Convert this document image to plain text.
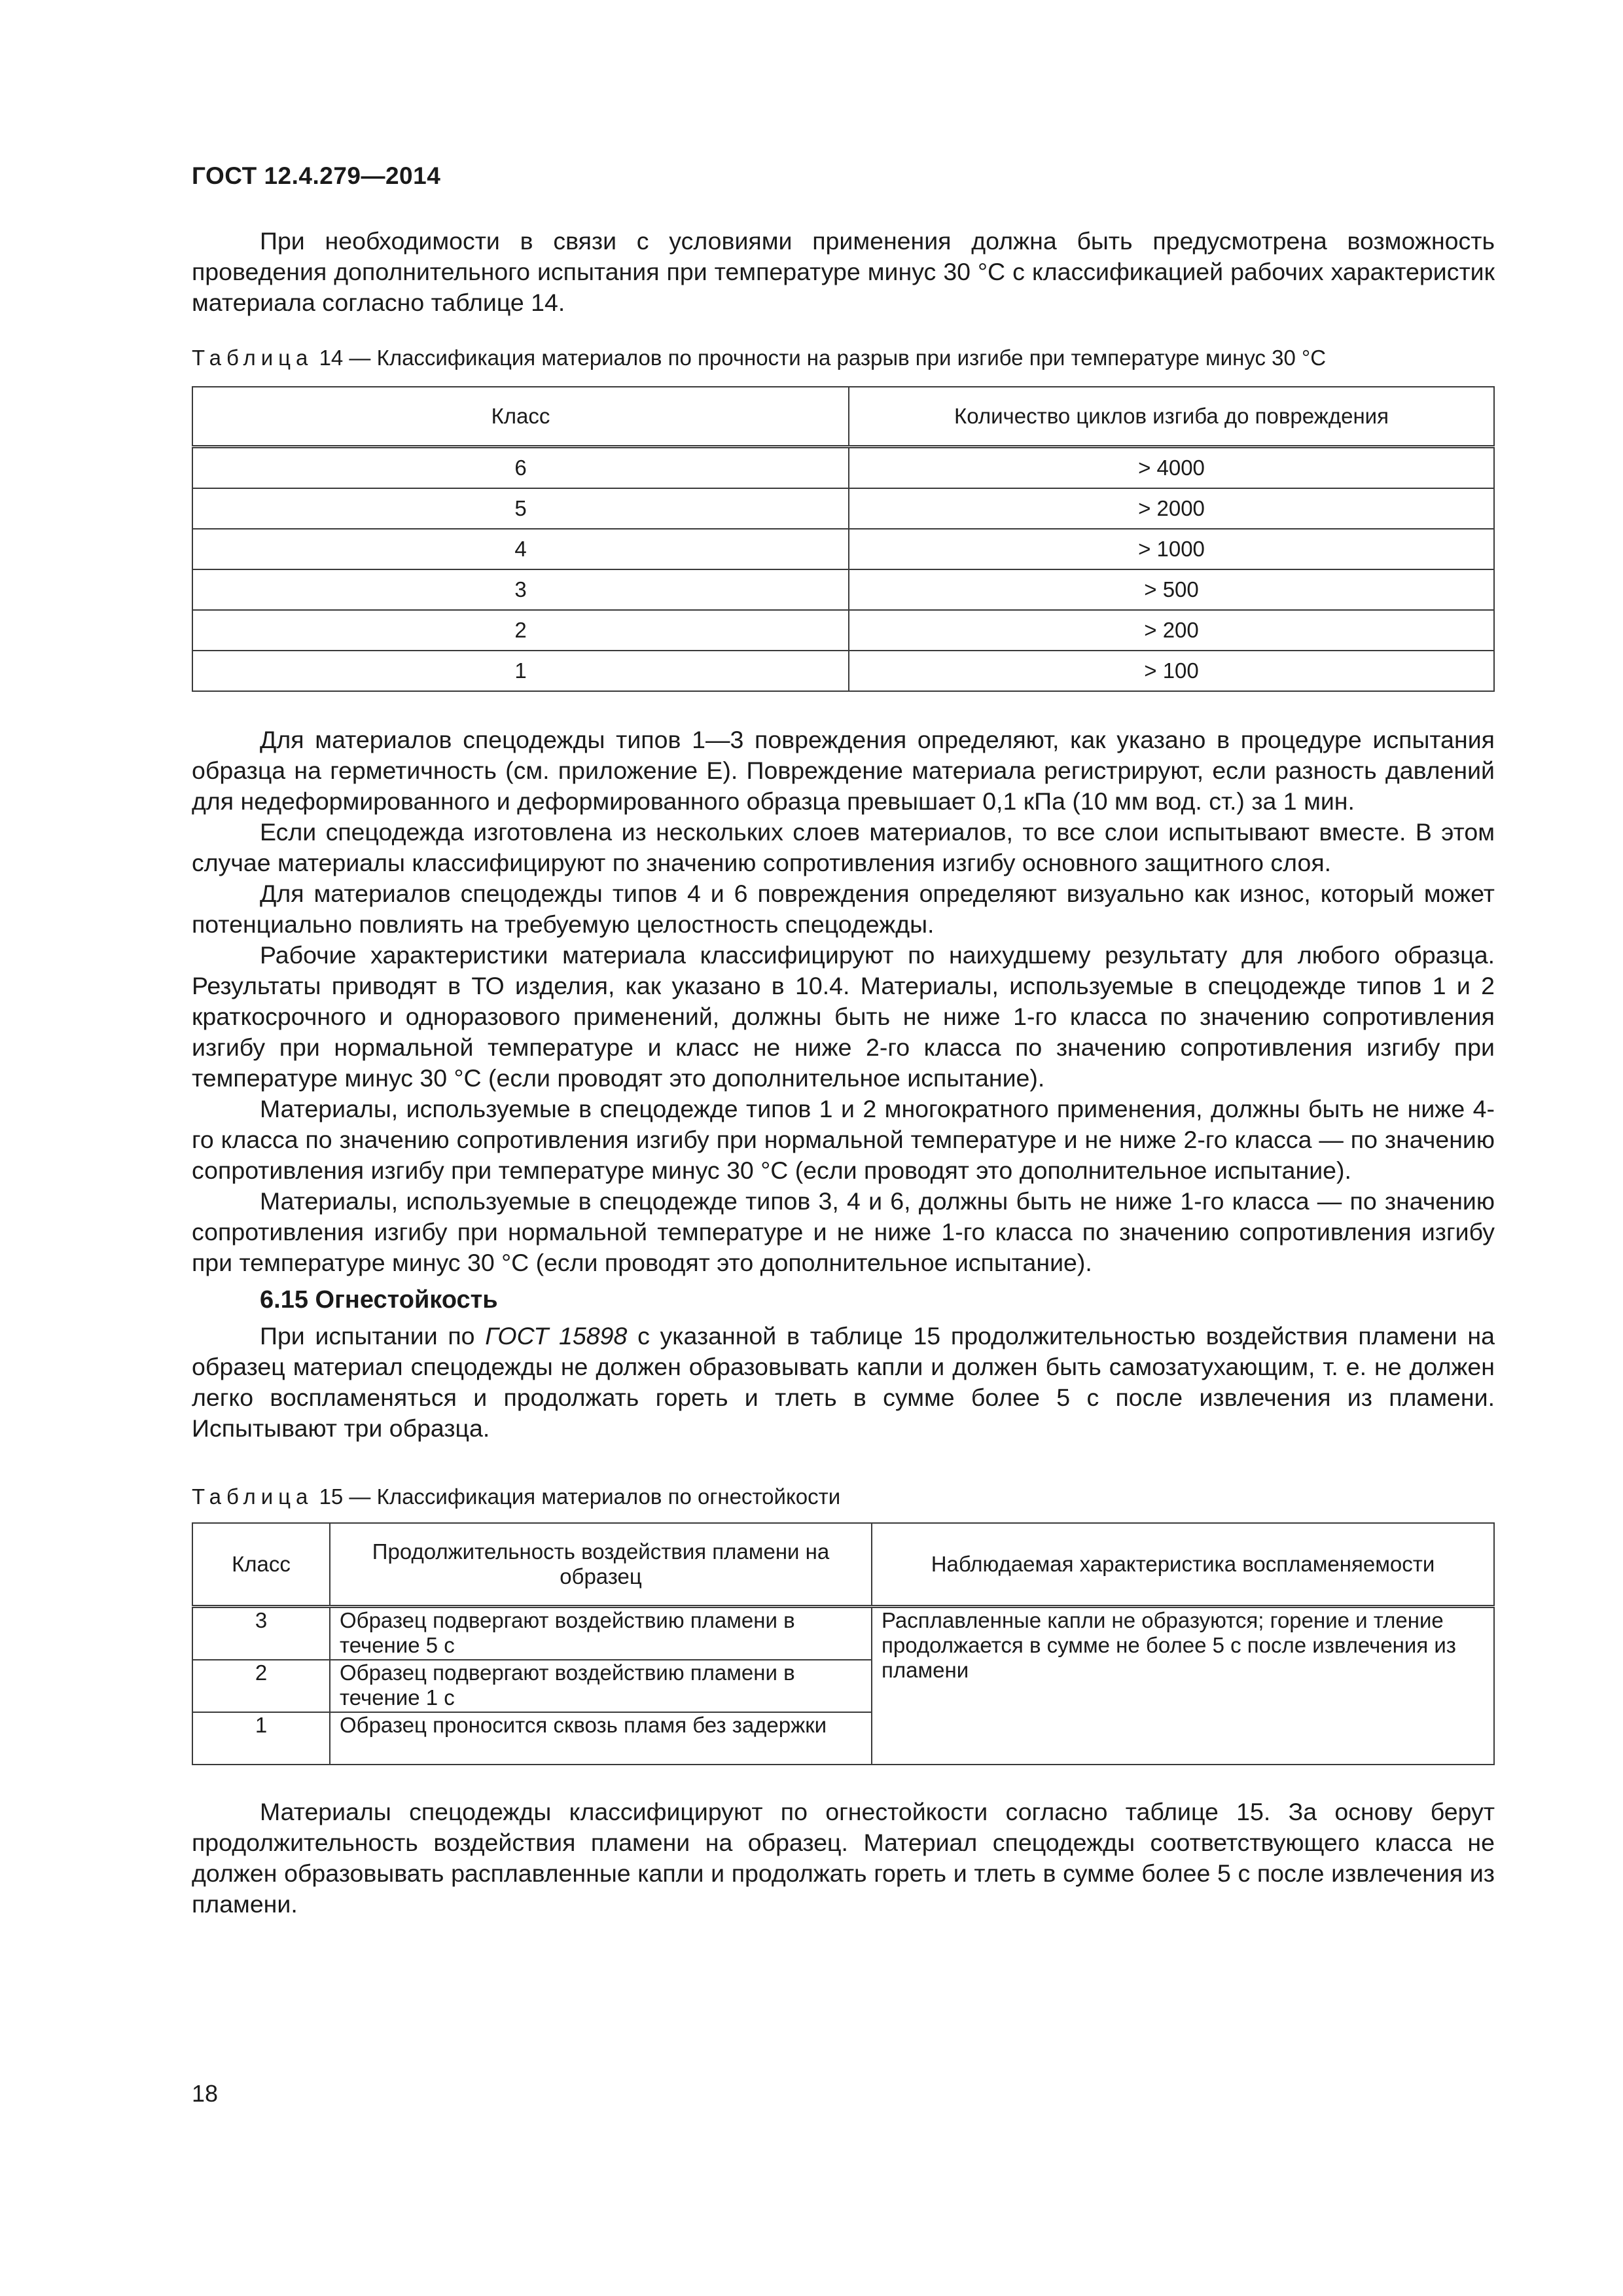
ГОСТ 12.4.279—2014

При необходимости в связи с условиями применения должна быть предусмотрена возможность проведения дополнительного испытания при температуре минус 30 °С с классификацией рабочих характеристик материала согласно таблице 14.

Таблица 14 — Классификация материалов по прочности на разрыв при изгибе при температуре минус 30 °С

Класс	Количество циклов изгиба до повреждения
6	> 4000
5	> 2000
4	> 1000
3	> 500
2	> 200
1	> 100

Для материалов спецодежды типов 1—3 повреждения определяют, как указано в процедуре испытания образца на герметичность (см. приложение Е). Повреждение материала регистрируют, если разность давлений для недеформированного и деформированного образца превышает 0,1 кПа (10 мм вод. ст.) за 1 мин.

Если спецодежда изготовлена из нескольких слоев материалов, то все слои испытывают вместе. В этом случае материалы классифицируют по значению сопротивления изгибу основного защитного слоя.

Для материалов спецодежды типов 4 и 6 повреждения определяют визуально как износ, который может потенциально повлиять на требуемую целостность спецодежды.

Рабочие характеристики материала классифицируют по наихудшему результату для любого образца. Результаты приводят в ТО изделия, как указано в 10.4. Материалы, используемые в спецодежде типов 1 и 2 краткосрочного и одноразового применений, должны быть не ниже 1-го класса по значению сопротивления изгибу при нормальной температуре и класс не ниже 2-го класса по значению сопротивления изгибу при температуре минус 30 °С (если проводят это дополнительное испытание).

Материалы, используемые в спецодежде типов 1 и 2 многократного применения, должны быть не ниже 4-го класса по значению сопротивления изгибу при нормальной температуре и не ниже 2-го класса — по значению сопротивления изгибу при температуре минус 30 °С (если проводят это дополнительное испытание).

Материалы, используемые в спецодежде типов 3, 4 и 6, должны быть не ниже 1-го класса — по значению сопротивления изгибу при нормальной температуре и не ниже 1-го класса по значению сопротивления изгибу при температуре минус 30 °С (если проводят это дополнительное испытание).

6.15 Огнестойкость

При испытании по ГОСТ 15898 с указанной в таблице 15 продолжительностью воздействия пламени на образец материал спецодежды не должен образовывать капли и должен быть самозатухающим, т. е. не должен легко воспламеняться и продолжать гореть и тлеть в сумме более 5 с после извлечения из пламени. Испытывают три образца.

Таблица 15 — Классификация материалов по огнестойкости

Класс	Продолжительность воздействия пламени на образец	Наблюдаемая характеристика воспламеняемости
3	Образец подвергают воздействию пламени в течение 5 с	Расплавленные капли не образуются; горение и тление продолжается в сумме не более 5 с после извлечения из пламени
2	Образец подвергают воздействию пламени в течение 1 с	
1	Образец проносится сквозь пламя без задержки	

Материалы спецодежды классифицируют по огнестойкости согласно таблице 15. За основу берут продолжительность воздействия пламени на образец. Материал спецодежды соответствующего класса не должен образовывать расплавленные капли и продолжать гореть и тлеть в сумме более 5 с после извлечения из пламени.

18
